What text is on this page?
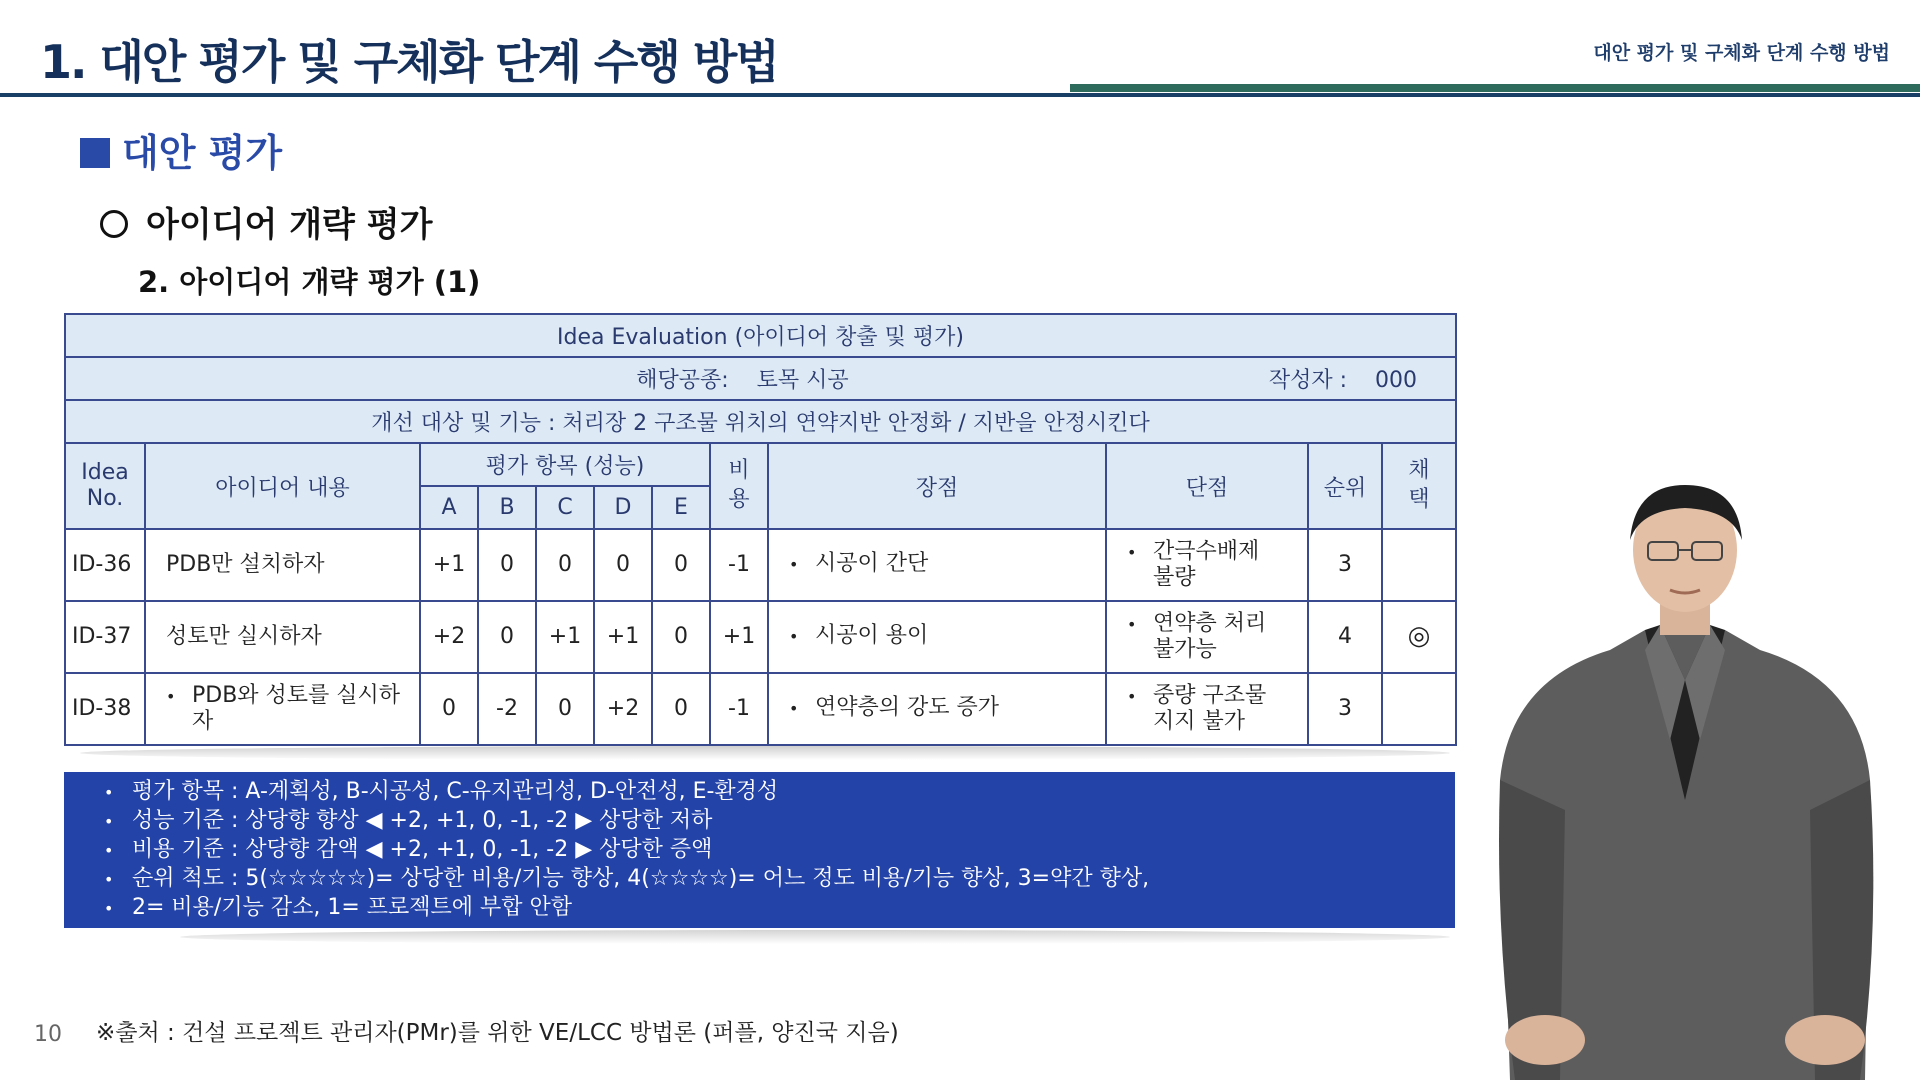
1. 대안 평가 및 구체화 단계 수행 방법	대안 평가 및 구체화 단계 수행 방법
대안 평가
아이디어 개략 평가
2. 아이디어 개략 평가 (1)
Idea Evaluation (아이디어 창출 및 평가)											
해당공종: 토목 시공 작성자 : 000											

개선 대상 및 기능 : 처리장 2 구조물 위치의 연약지반 안정화 / 지반을 안정시킨다											
Idea No.	아이디어 내용	평가 항목 (성능)					비용	장점	단점	순위	채택
		A	B	C	D	E					
ID-36	PDB만 설치하자	+1	0	0	0	0	-1	• 시공이 간단	• 간극수배제 불량	3	
ID-37	성토만 실시하자	+2	0	+1	+1	0	+1	• 시공이 용이	• 연약층 처리 불가능	4	◎
ID-38	• PDB와 성토를 실시하자	0	-2	0	+2	0	-1	• 연약층의 강도 증가	• 중량 구조물 지지 불가	3	
• 평가 항목 : A-계획성, B-시공성, C-유지관리성, D-안전성, E-환경성
• 성능 기준 : 상당향 향상 ◀ +2, +1, 0, -1, -2 ▶ 상당한 저하
• 비용 기준 : 상당향 감액 ◀ +2, +1, 0, -1, -2 ▶ 상당한 증액
• 순위 척도 : 5(☆☆☆☆☆)= 상당한 비용/기능 향상, 4(☆☆☆☆)= 어느 정도 비용/기능 향상, 3=약간 향상,
• 2= 비용/기능 감소, 1= 프로젝트에 부합 안함
10 ※출처 : 건설 프로젝트 관리자(PMr)를 위한 VE/LCC 방법론 (퍼플, 양진국 지음)
